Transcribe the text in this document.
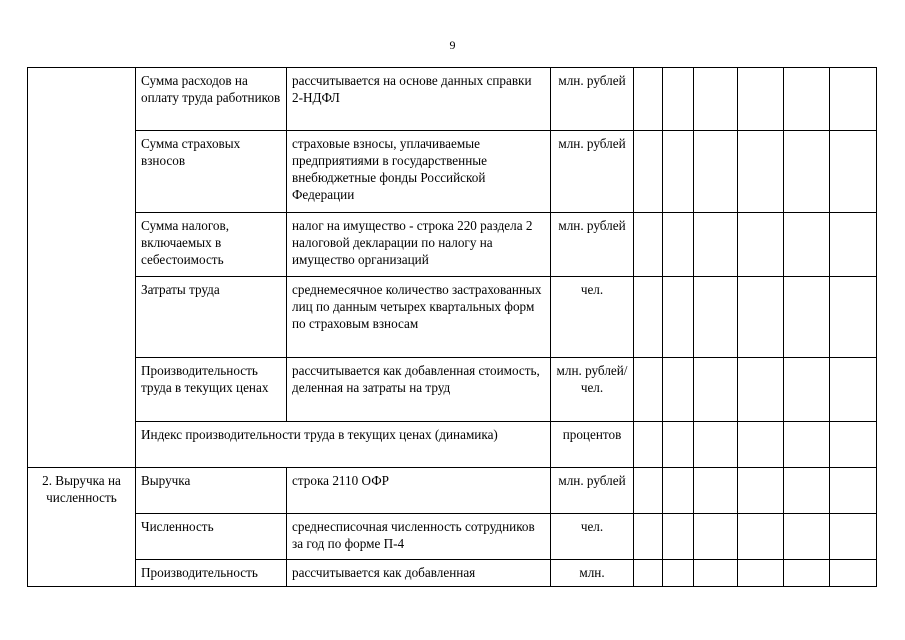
9
	Сумма расходов на оплату труда работников	рассчитывается на основе данных справки 2-НДФЛ	млн. рублей						
	Сумма страховых взносов	страховые взносы, уплачиваемые предприятиями в государственные внебюджетные фонды Российской Федерации	млн. рублей						
	Сумма налогов, включаемых в себестоимость	налог на имущество - строка 220 раздела 2 налоговой декларации по налогу на имущество организаций	млн. рублей						
	Затраты труда	среднемесячное количество застрахованных лиц по данным четырех квартальных форм по страховым взносам	чел.						
	Производительность труда в текущих ценах	рассчитывается как добавленная стоимость, деленная на затраты на труд	млн. рублей/чел.						
	Индекс производительности труда в текущих ценах (динамика)		процентов						
2. Выручка на численность	Выручка	строка 2110 ОФР	млн. рублей						
	Численность	среднесписочная численность сотрудников за год по форме П-4	чел.						
	Производительность	рассчитывается как добавленная	млн.						
